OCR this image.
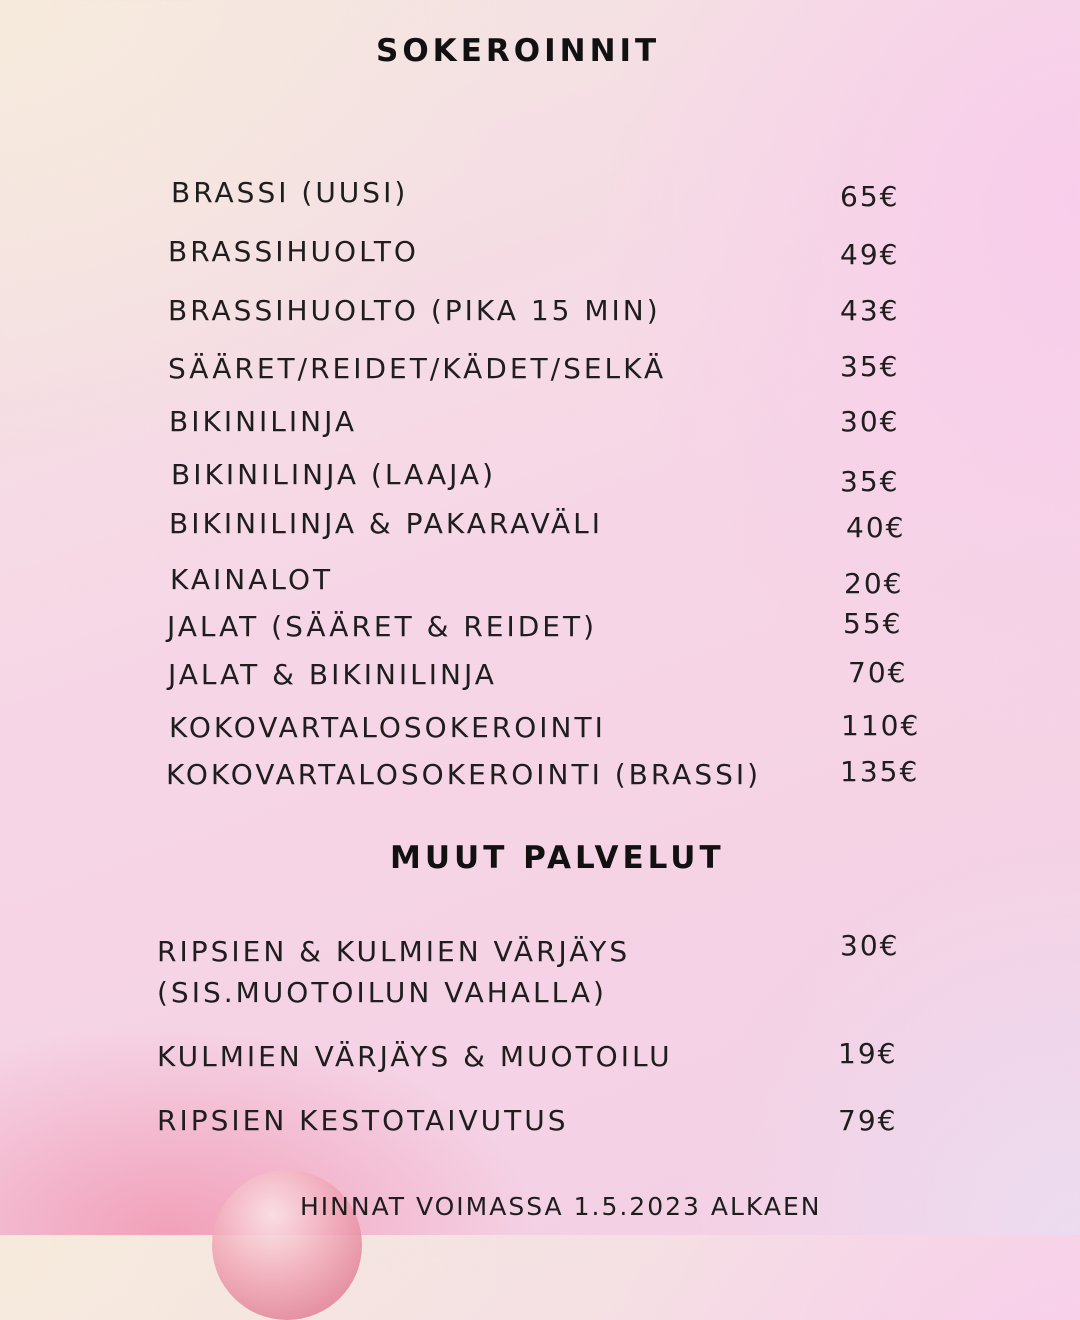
SOKEROINNIT
BRASSI (UUSI)	65€
BRASSIHUOLTO	49€
BRASSIHUOLTO (PIKA 15 MIN)	43€
SÄÄRET/REIDET/KÄDET/SELKÄ	35€
BIKINILINJA	30€
BIKINILINJA (LAAJA)	35€
BIKINILINJA & PAKARAVÄLI	40€
KAINALOT	20€
JALAT (SÄÄRET & REIDET)	55€
JALAT & BIKINILINJA	70€
KOKOVARTALOSOKEROINTI	110€
KOKOVARTALOSOKEROINTI (BRASSI)	135€
MUUT PALVELUT
RIPSIEN & KULMIEN VÄRJÄYS
(SIS.MUOTOILUN VAHALLA)
30€
KULMIEN VÄRJÄYS & MUOTOILU	19€
RIPSIEN KESTOTAIVUTUS	79€
HINNAT VOIMASSA 1.5.2023 ALKAEN
